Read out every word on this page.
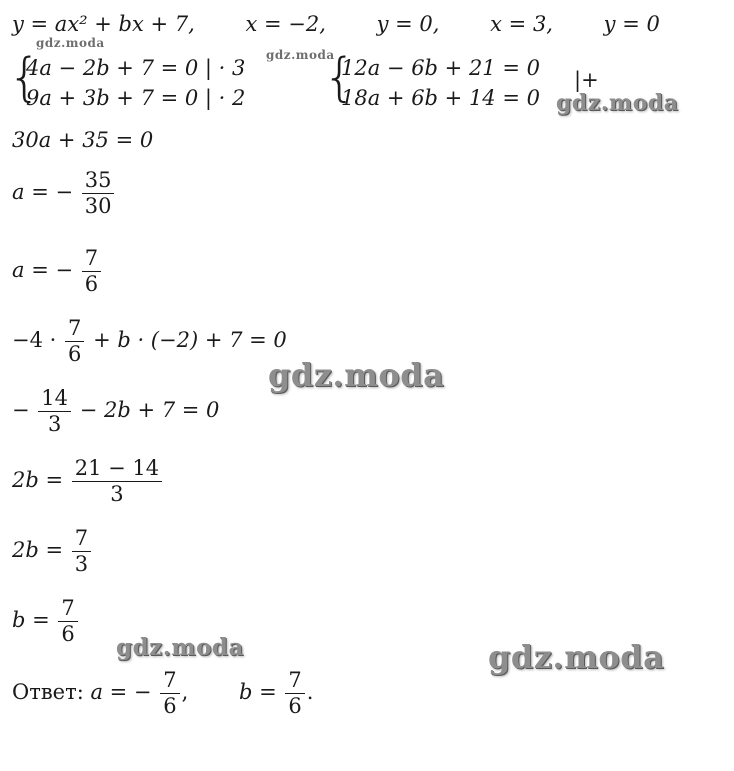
y = ax² + bx + 7, x = −2, y = 0, x = 3, y = 0
{
4a − 2b + 7 = 0 | · 3
9a + 3b + 7 = 0 | · 2 {
12a − 6b + 21 = 0
18a + 6b + 14 = 0
|+
30a + 35 = 0
a = − $\frac{35}{30}$
a = − $\frac{7}{6}$
$-4 \cdot \frac{7}{6} + b \cdot (-2) + 7 = 0$
− $\frac{14}{3} - 2b + 7 = 0$
$2b = \frac{21 - 14}{3}$
$2b = \frac{7}{3}$
$b = \frac{7}{6}$
Ответ: a = − $\frac{7}{6}$ , $b = \frac{7}{6}$ .
gdz.moda
gdz.moda
gdz.moda
gdz.moda
gdz.moda	gdz.moda
